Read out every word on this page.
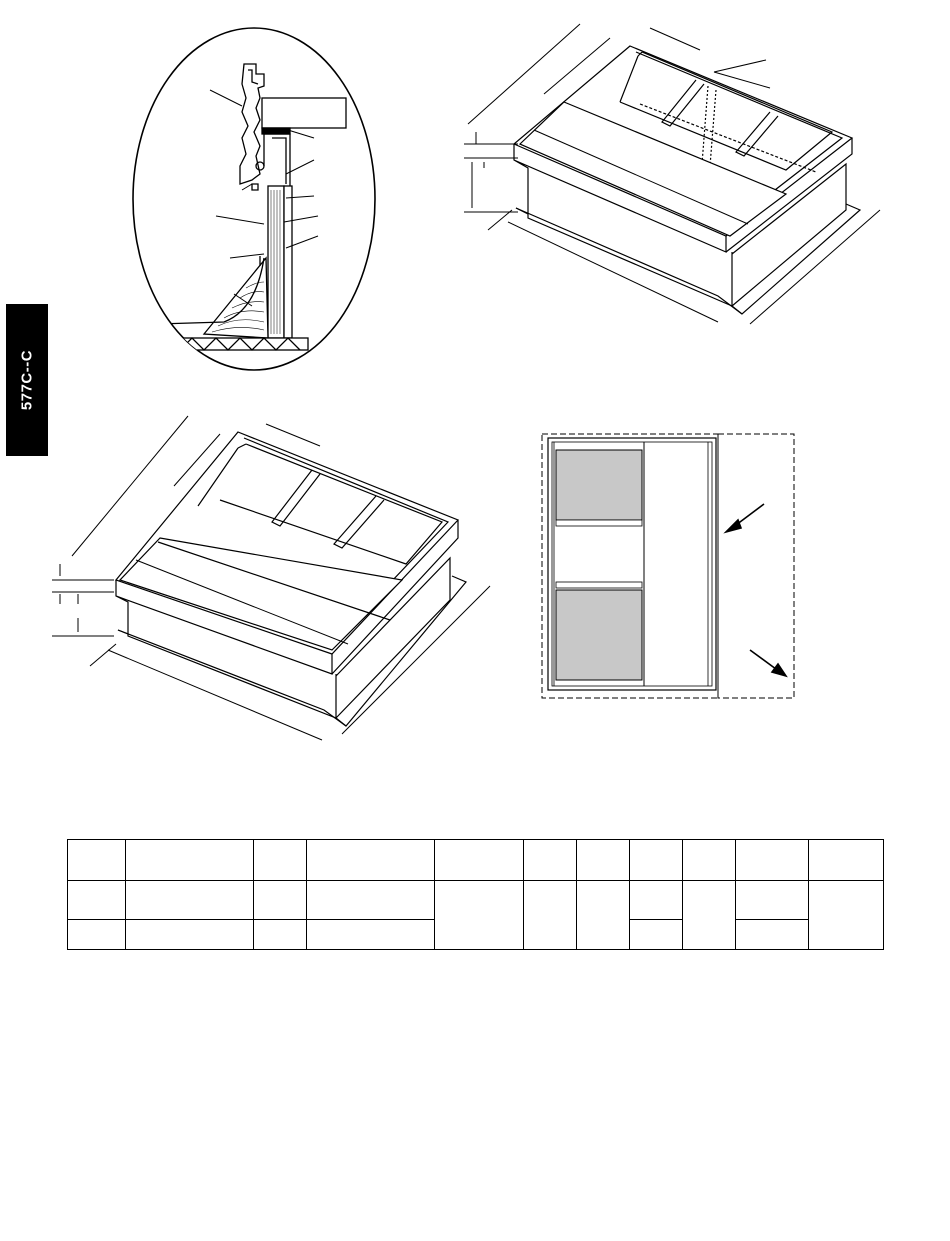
577C--C
